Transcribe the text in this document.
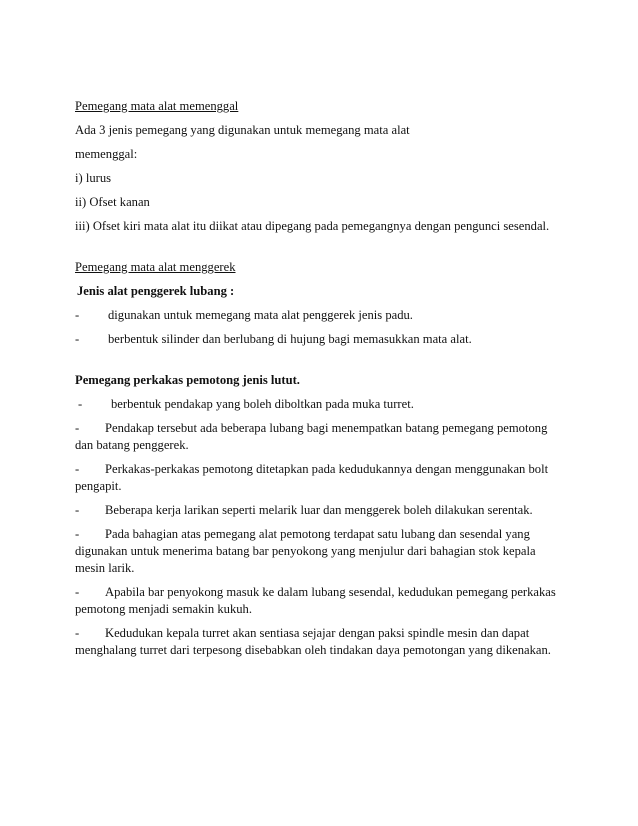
Pemegang mata alat memenggal
Ada 3 jenis pemegang yang digunakan untuk memegang mata alat
memenggal:
i) lurus
ii) Ofset kanan
iii) Ofset kiri mata alat itu diikat atau dipegang pada pemegangnya dengan pengunci sesendal.
Pemegang mata alat menggerek
Jenis alat penggerek lubang :
-	digunakan untuk memegang mata alat penggerek jenis padu.
-	berbentuk silinder dan berlubang di hujung bagi memasukkan mata alat.
Pemegang perkakas pemotong jenis lutut.
-	berbentuk pendakap yang boleh diboltkan pada muka turret.
-	Pendakap tersebut ada beberapa lubang bagi menempatkan batang pemegang pemotong
dan batang penggerek.
-	Perkakas-perkakas pemotong ditetapkan pada kedudukannya dengan menggunakan bolt
pengapit.
-	Beberapa kerja larikan seperti melarik luar dan menggerek boleh dilakukan serentak.
-	Pada bahagian atas pemegang alat pemotong terdapat satu lubang dan sesendal yang
digunakan untuk menerima batang bar penyokong yang menjulur dari bahagian stok kepala
mesin larik.
-	Apabila bar penyokong masuk ke dalam lubang sesendal, kedudukan pemegang perkakas
pemotong menjadi semakin kukuh.
-	Kedudukan kepala turret akan sentiasa sejajar dengan paksi spindle mesin dan dapat
menghalang turret dari terpesong disebabkan oleh tindakan daya pemotongan yang dikenakan.
